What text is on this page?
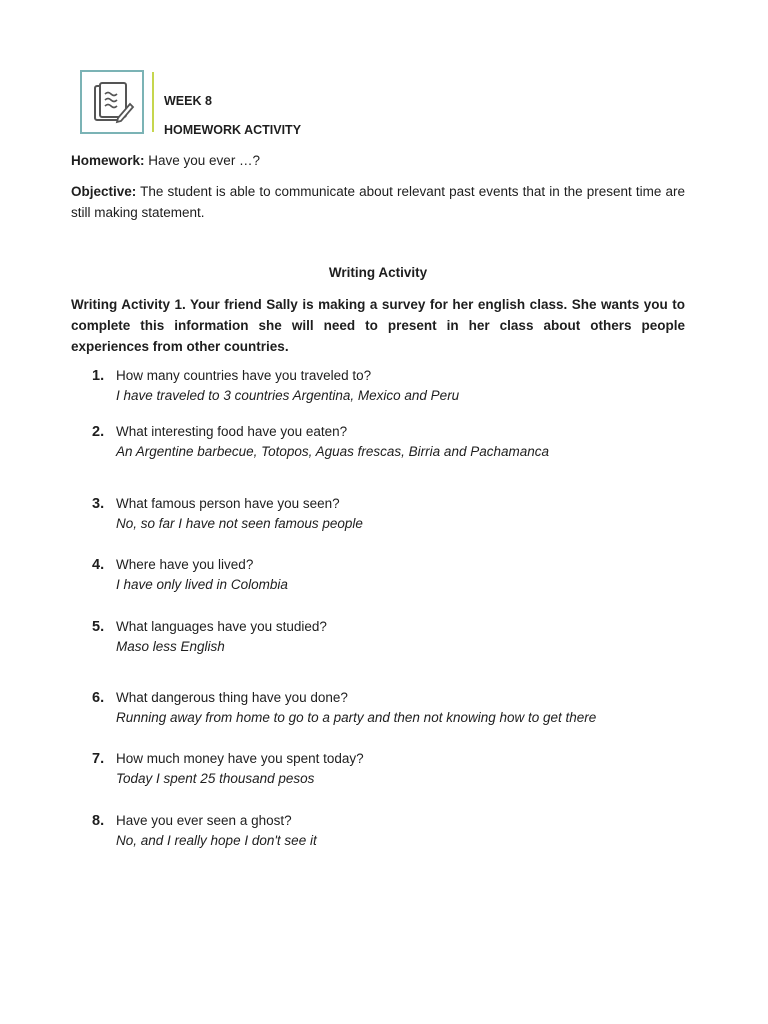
WEEK 8
HOMEWORK ACTIVITY

Homework: Have you ever …?

Objective: The student is able to communicate about relevant past events that in the present time are still making statement.

Writing Activity

Writing Activity 1. Your friend Sally is making a survey for her english class. She wants you to complete this information she will need to present in her class about others people experiences from other countries.

1. How many countries have you traveled to?
I have traveled to 3 countries Argentina, Mexico and Peru
2. What interesting food have you eaten?
An Argentine barbecue, Totopos, Aguas frescas, Birria and Pachamanca
3. What famous person have you seen?
No, so far I have not seen famous people
4. Where have you lived?
I have only lived in Colombia
5. What languages have you studied?
Maso less English
6. What dangerous thing have you done?
Running away from home to go to a party and then not knowing how to get there
7. How much money have you spent today?
Today I spent 25 thousand pesos
8. Have you ever seen a ghost?
No, and I really hope I don't see it
